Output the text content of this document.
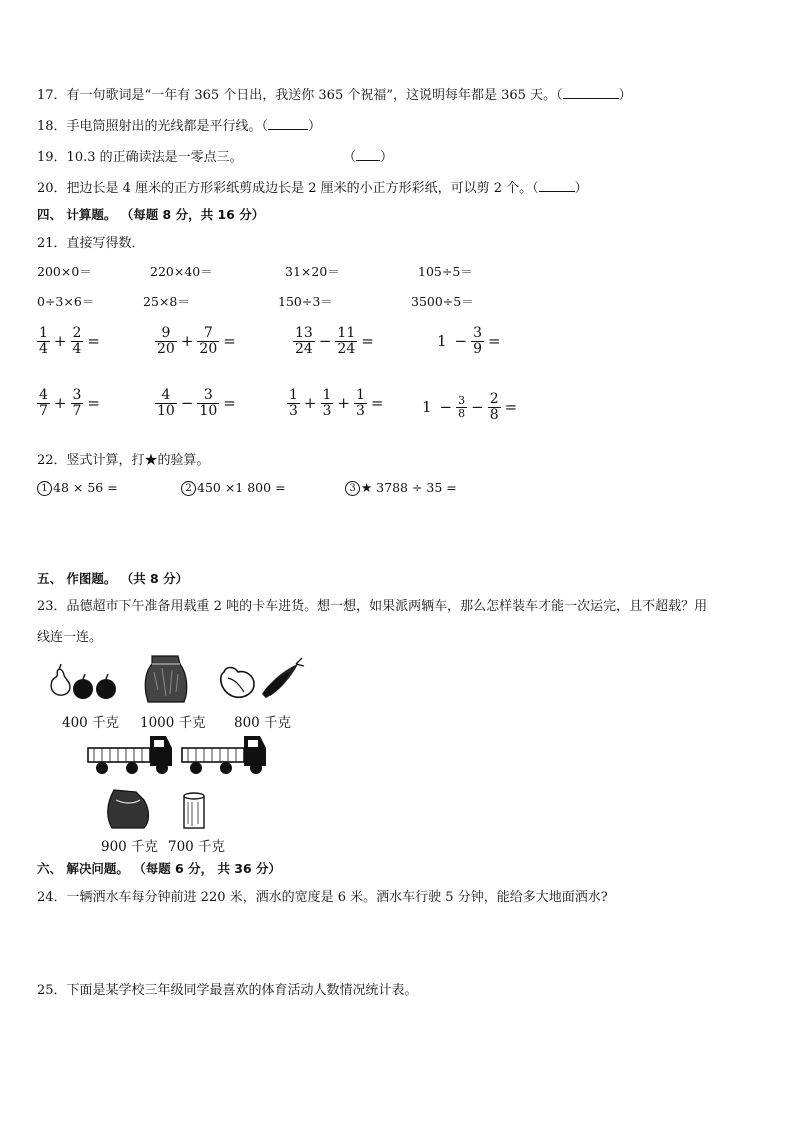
17．有一句歌词是“一年有 365 个日出，我送你 365 个祝福”，这说明每年都是 365 天。（	）
18．手电筒照射出的光线都是平行线。（	）
19．10.3 的正确读法是一零点三。	（ ）
20．把边长是 4 厘米的正方形彩纸剪成边长是 2 厘米的小正方形彩纸，可以剪 2 个。（	）
四、 计算题。 （每题 8 分，共 16 分）
21．直接写得数．
200×0＝	220×40＝	31×20＝	105÷5＝
0÷3×6＝	25×8＝	150÷3＝	3500÷5＝
$\frac{1}{4} + \frac{2}{4}$ =	$\frac{9}{20} + \frac{7}{20}$ =	$\frac{13}{24} - \frac{11}{24}$ =	$1 - \frac{3}{9}$ =
$\frac{4}{7} + \frac{3}{7}$ =	$\frac{4}{10} - \frac{3}{10}$ =	$\frac{1}{3} + \frac{1}{3} + \frac{1}{3}$ =	$1 - \frac{3}{8} - \frac{2}{8}$ =
22．竖式计算，打★的验算。
1 48 × 56 =	2 450 ×1 800 =	3 ★ 3788 ÷ 35 =
五、 作图题。 （共 8 分）
23．品德超市下午准备用载重 2 吨的卡车进货。想一想，如果派两辆车，那么怎样装车才能一次运完，且不超载？用
线连一连。
400 千克 1000 千克 800 千克
900 千克 700 千克
六、 解决问题。 （每题 6 分， 共 36 分）
24．一辆洒水车每分钟前进 220 米，洒水的宽度是 6 米。洒水车行驶 5 分钟，能给多大地面洒水?
25．下面是某学校三年级同学最喜欢的体育活动人数情况统计表。
